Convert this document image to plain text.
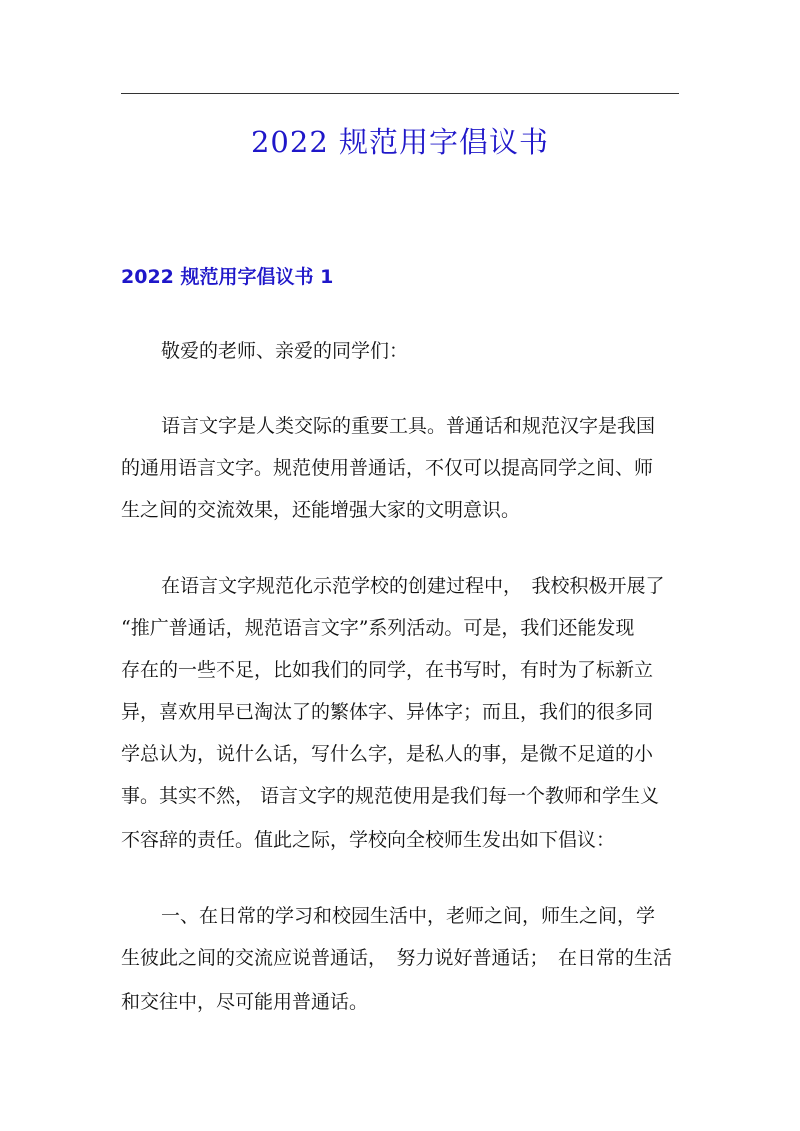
2022 规范用字倡议书
2022 规范用字倡议书 1
敬爱的老师、亲爱的同学们：
语言文字是人类交际的重要工具。普通话和规范汉字是我国
的通用语言文字。规范使用普通话，不仅可以提高同学之间、师
生之间的交流效果，还能增强大家的文明意识。
在语言文字规范化示范学校的创建过程中，　我校积极开展了
“推广普通话，规范语言文字”系列活动。可是，我们还能发现
存在的一些不足，比如我们的同学，在书写时，有时为了标新立
异，喜欢用早已淘汰了的繁体字、异体字；而且，我们的很多同
学总认为，说什么话，写什么字，是私人的事，是微不足道的小
事。其实不然， 语言文字的规范使用是我们每一个教师和学生义
不容辞的责任。值此之际，学校向全校师生发出如下倡议：
一、在日常的学习和校园生活中，老师之间，师生之间，学
生彼此之间的交流应说普通话，　努力说好普通话；　在日常的生活
和交往中，尽可能用普通话。
